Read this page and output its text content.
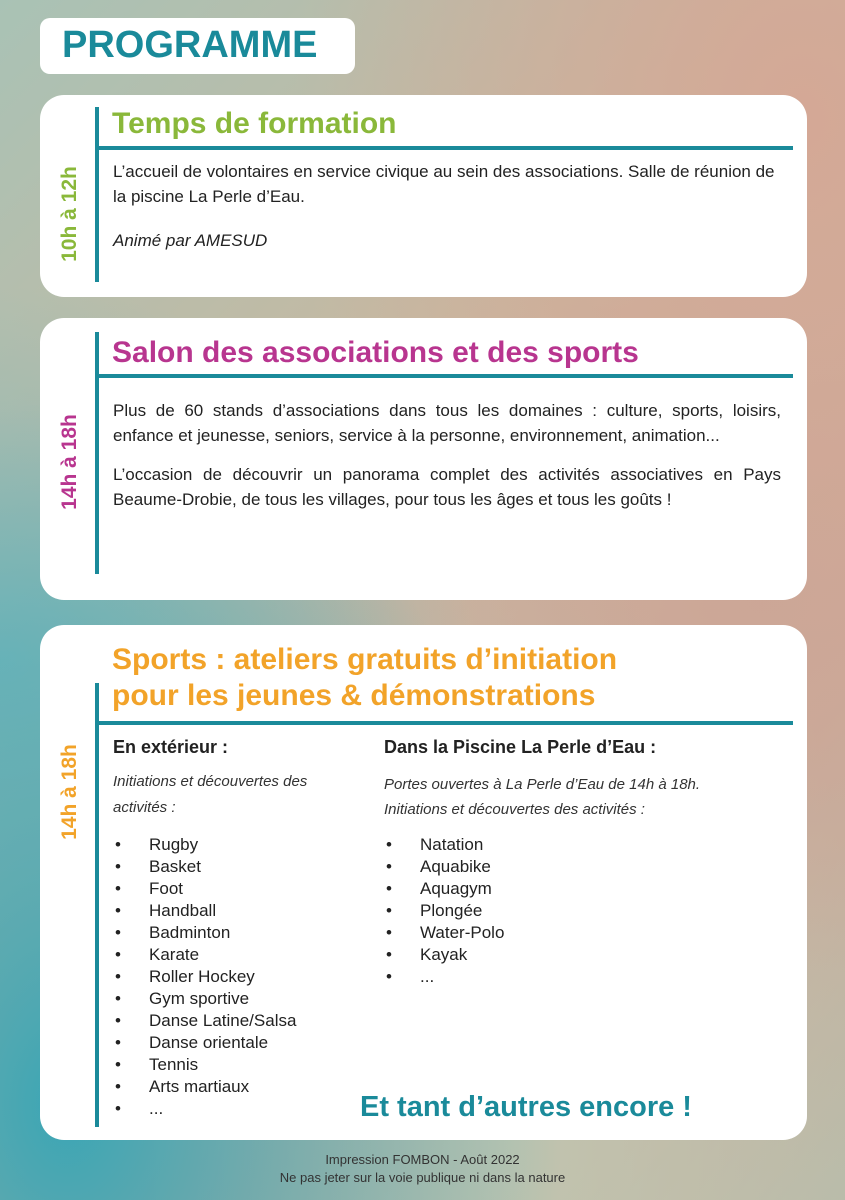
PROGRAMME
10h à 12h
Temps de formation

L’accueil de volontaires en service civique au sein des associations. Salle de réunion de la piscine La Perle d’Eau.

Animé par AMESUD

14h à 18h
Salon des associations et des sports

Plus de 60 stands d’associations dans tous les domaines : culture, sports, loisirs, enfance et jeunesse, seniors, service à la personne, environnement, animation...

L’occasion de découvrir un panorama complet des activités associatives en Pays Beaume-Drobie, de tous les villages, pour tous les âges et tous les goûts !

14h à 18h
Sports : ateliers gratuits d’initiation
pour les jeunes & démonstrations
En extérieur :
Initiations et découvertes des activités :
• Rugby
• Basket
• Foot
• Handball
• Badminton
• Karate
• Roller Hockey
• Gym sportive
• Danse Latine/Salsa
• Danse orientale
• Tennis
• Arts martiaux
• ...
Dans la Piscine La Perle d’Eau :
Portes ouvertes à La Perle d’Eau de 14h à 18h.
Initiations et découvertes des activités :
• Natation
• Aquabike
• Aquagym
• Plongée
• Water-Polo
• Kayak
• ...
Et tant d’autres encore !
Impression FOMBON - Août 2022
Ne pas jeter sur la voie publique ni dans la nature
